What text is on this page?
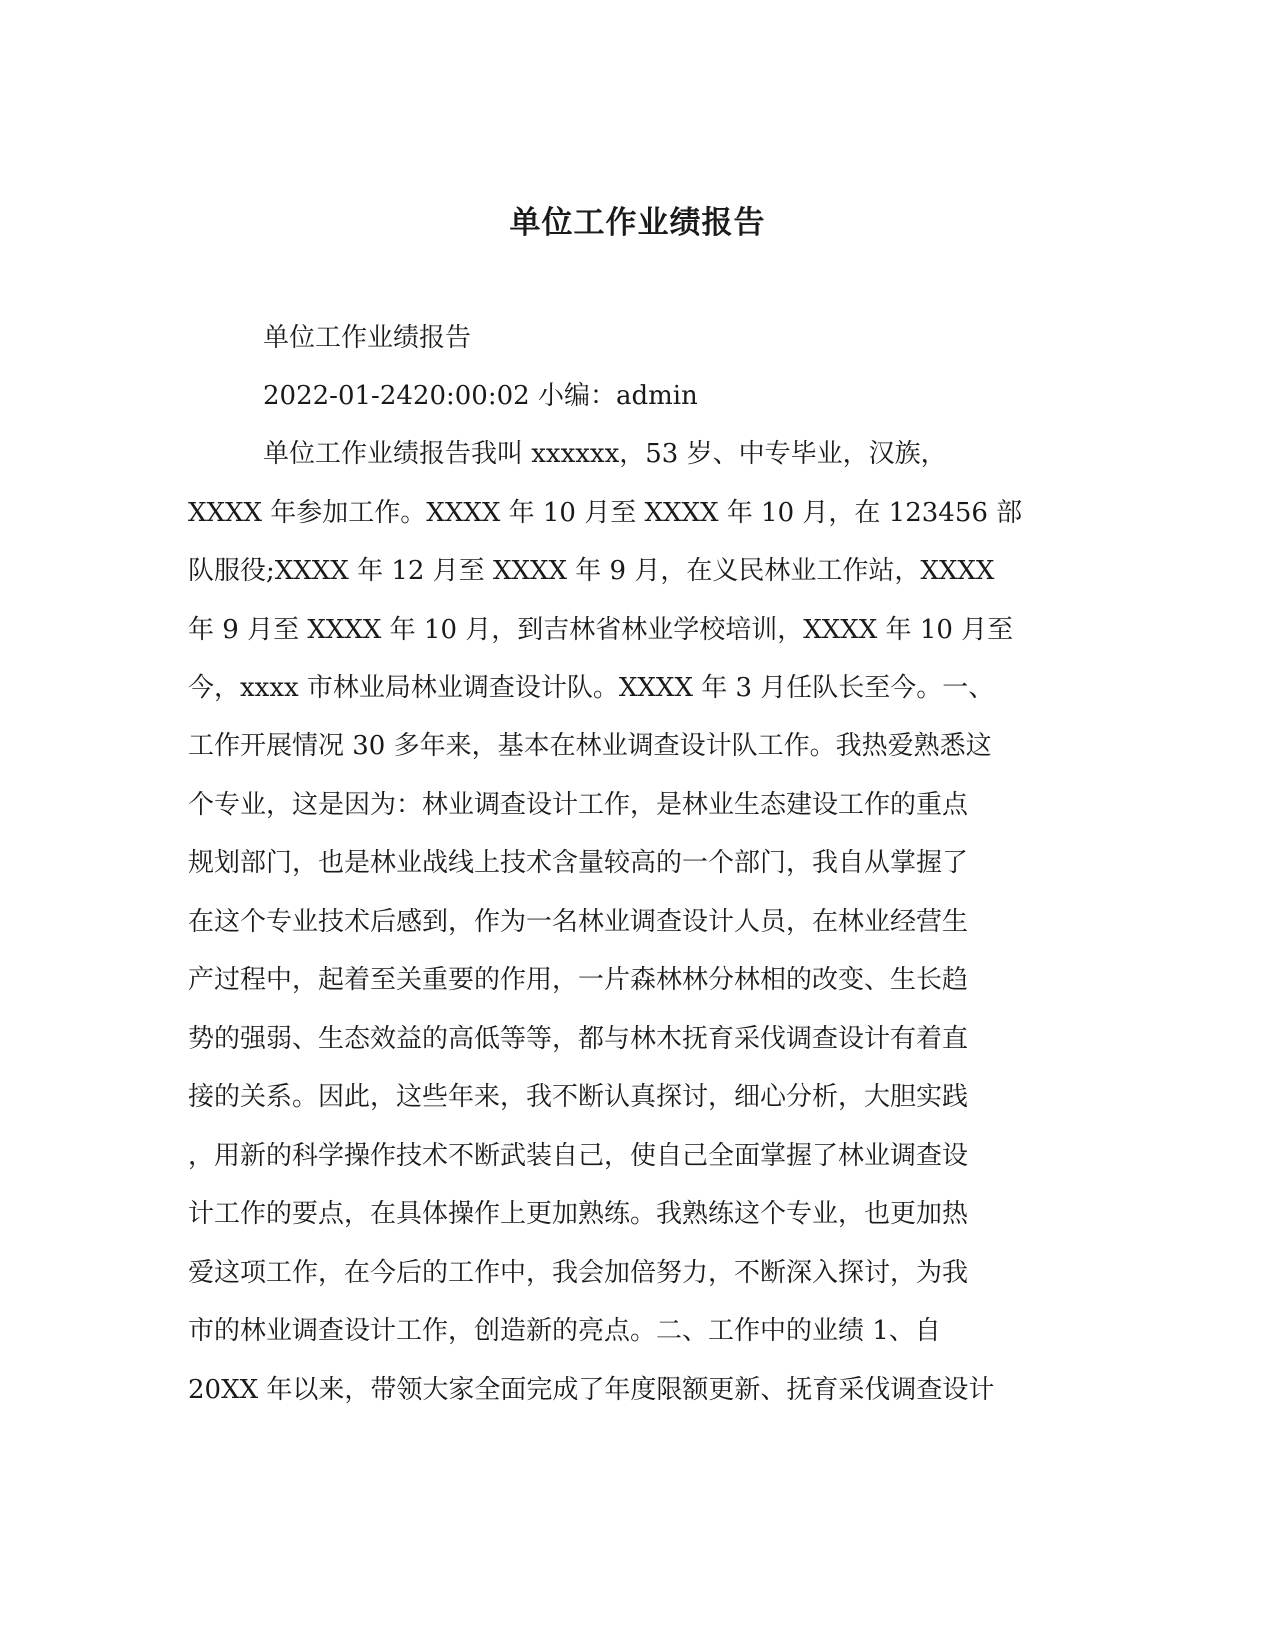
单位工作业绩报告

单位工作业绩报告

2022-01-2420:00:02 小编：admin

单位工作业绩报告我叫 xxxxxx，53 岁、中专毕业，汉族，

XXXX 年参加工作。XXXX 年 10 月至 XXXX 年 10 月，在 123456 部

队服役;XXXX 年 12 月至 XXXX 年 9 月，在义民林业工作站，XXXX

年 9 月至 XXXX 年 10 月，到吉林省林业学校培训，XXXX 年 10 月至

今，xxxx 市林业局林业调查设计队。XXXX 年 3 月任队长至今。一、

工作开展情况 30 多年来，基本在林业调查设计队工作。我热爱熟悉这

个专业，这是因为：林业调查设计工作，是林业生态建设工作的重点

规划部门，也是林业战线上技术含量较高的一个部门，我自从掌握了

在这个专业技术后感到，作为一名林业调查设计人员，在林业经营生

产过程中，起着至关重要的作用，一片森林林分林相的改变、生长趋

势的强弱、生态效益的高低等等，都与林木抚育采伐调查设计有着直

接的关系。因此，这些年来，我不断认真探讨，细心分析，大胆实践

，用新的科学操作技术不断武装自己，使自己全面掌握了林业调查设

计工作的要点，在具体操作上更加熟练。我熟练这个专业，也更加热

爱这项工作，在今后的工作中，我会加倍努力，不断深入探讨，为我

市的林业调查设计工作，创造新的亮点。二、工作中的业绩 1、自

20XX 年以来，带领大家全面完成了年度限额更新、抚育采伐调查设计
